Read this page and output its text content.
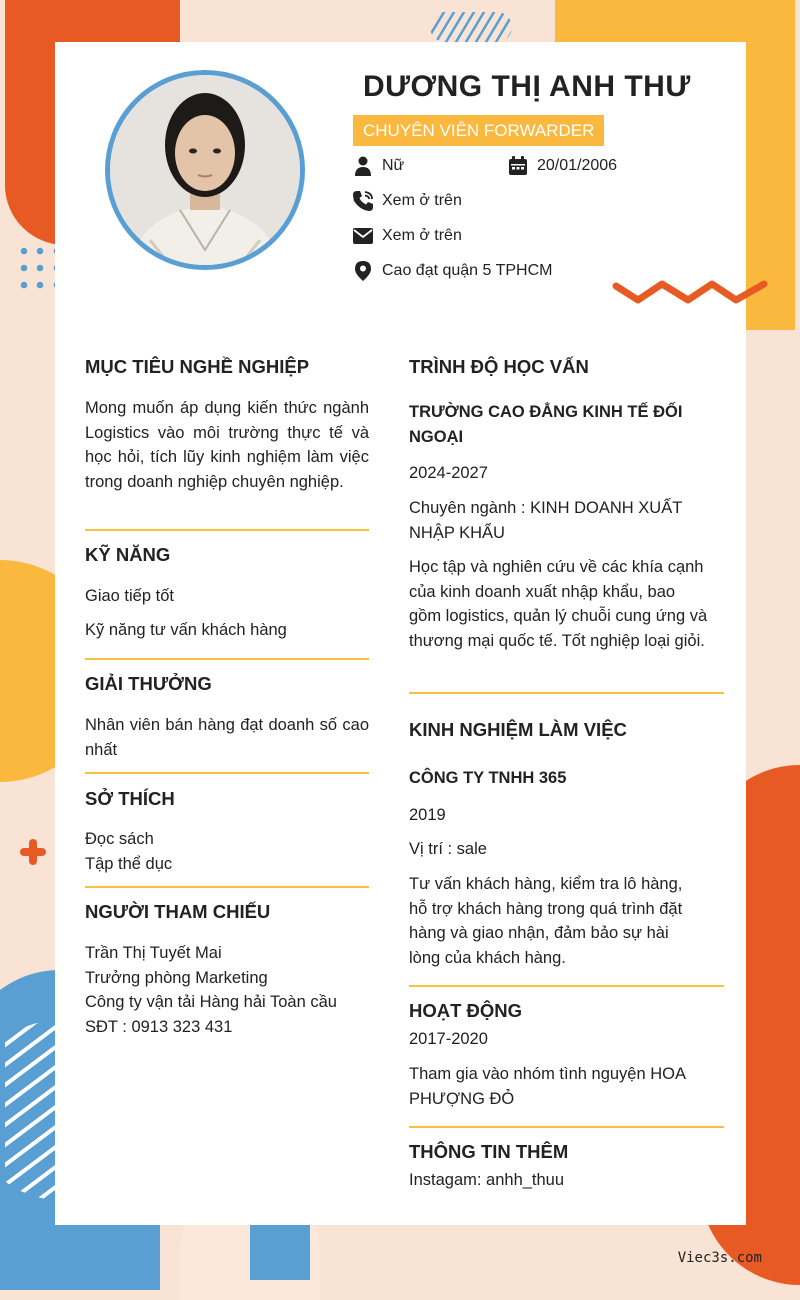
DƯƠNG THỊ ANH THƯ
CHUYÊN VIÊN FORWARDER
Nữ	20/01/2006
Xem ở trên
Xem ở trên
Cao đạt quận 5 TPHCM
MỤC TIÊU NGHỀ NGHIỆP
Mong muốn áp dụng kiến thức ngành Logistics vào môi trường thực tế và học hỏi, tích lũy kinh nghiệm làm việc trong doanh nghiệp chuyên nghiệp.
KỸ NĂNG
Giao tiếp tốt
Kỹ năng tư vấn khách hàng
GIẢI THƯỞNG
Nhân viên bán hàng đạt doanh số cao nhất
SỞ THÍCH
Đọc sách
Tập thể dục
NGƯỜI THAM CHIẾU
Trần Thị Tuyết Mai
Trưởng phòng Marketing
Công ty vận tải Hàng hải Toàn cầu
SĐT : 0913 323 431
TRÌNH ĐỘ HỌC VẤN
TRƯỜNG CAO ĐẲNG KINH TẾ ĐỐI NGOẠI
2024-2027
Chuyên ngành : KINH DOANH XUẤT NHẬP KHẨU
Học tập và nghiên cứu về các khía cạnh của kinh doanh xuất nhập khẩu, bao gồm logistics, quản lý chuỗi cung ứng và thương mại quốc tế. Tốt nghiệp loại giỏi.
KINH NGHIỆM LÀM VIỆC
CÔNG TY TNHH 365
2019
Vị trí : sale
Tư vấn khách hàng, kiểm tra lô hàng, hỗ trợ khách hàng trong quá trình đặt hàng và giao nhận, đảm bảo sự hài lòng của khách hàng.
HOẠT ĐỘNG
2017-2020
Tham gia vào nhóm tình nguyện HOA PHƯỢNG ĐỎ
THÔNG TIN THÊM
Instagam: anhh_thuu
Viec3s.com
